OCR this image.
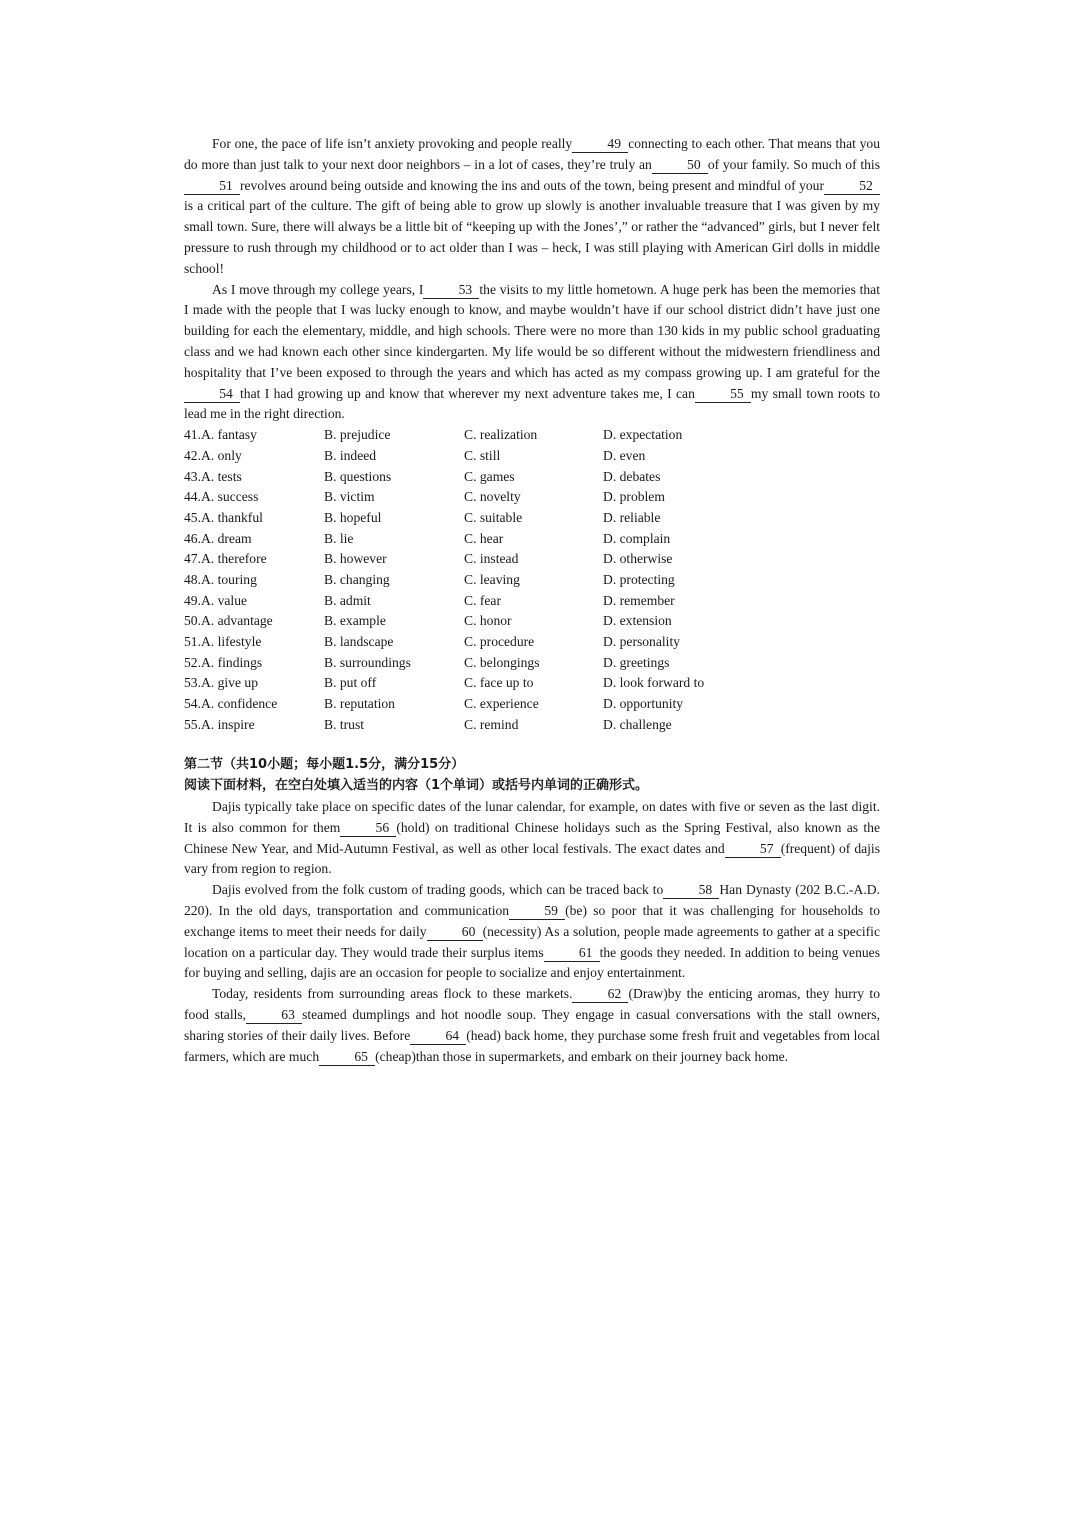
For one, the pace of life isn’t anxiety provoking and people really	49 connecting to each other. That means that you do more than just talk to your next door neighbors – in a lot of cases, they’re truly an	50 of your family. So much of this51 revolves around being outside and knowing the ins and outs of the town, being present and mindful of your	52is a critical part of the culture. The gift of being able to grow up slowly is another invaluable treasure that I was given by my small town. Sure, there will always be a little bit of “keeping up with the Jones’,” or rather the “advanced” girls, but I never felt pressure to rush through my childhood or to act older than I was – heck, I was still playing with American Girl dolls in middle school!

As I move through my college years, I	53 the visits to my little hometown. A huge perk has been the memories that I made with the people that I was lucky enough to know, and maybe wouldn’t have if our school district didn’t have just one building for each the elementary, middle, and high schools. There were no more than 130 kids in my public school graduating class and we had known each other since kindergarten. My life would be so different without the midwestern friendliness and hospitality that I’ve been exposed to through the years and which has acted as my compass growing up. I am grateful for the54 that I had growing up and know that wherever my next adventure takes me, I can	55 my small town roots to lead me in the right direction.

41.A. fantasy	B. prejudice	C. realization	D. expectation
42.A. only	B. indeed	C. still	D. even
43.A. tests	B. questions	C. games	D. debates
44.A. success	B. victim	C. novelty	D. problem
45.A. thankful	B. hopeful	C. suitable	D. reliable
46.A. dream	B. lie	C. hear	D. complain
47.A. therefore	B. however	C. instead	D. otherwise
48.A. touring	B. changing	C. leaving	D. protecting
49.A. value	B. admit	C. fear	D. remember
50.A. advantage	B. example	C. honor	D. extension
51.A. lifestyle	B. landscape	C. procedure	D. personality
52.A. findings	B. surroundings	C. belongings	D. greetings
53.A. give up	B. put off	C. face up to	D. look forward to
54.A. confidence	B. reputation	C. experience	D. opportunity
55.A. inspire	B. trust	C. remind	D. challenge
第二节（共10小题；每小题1.5分，满分15分）
阅读下面材料，在空白处填入适当的内容（1个单词）或括号内单词的正确形式。

Dajis typically take place on specific dates of the lunar calendar, for example, on dates with five or seven as the last digit. It is also common for them	56 (hold) on traditional Chinese holidays such as the Spring Festival, also known as the Chinese New Year, and Mid-Autumn Festival, as well as other local festivals. The exact dates and	57 (frequent) of dajis vary from region to region.

Dajis evolved from the folk custom of trading goods, which can be traced back to	58 Han Dynasty (202 B.C.-A.D. 220). In the old days, transportation and communication	59 (be) so poor that it was challenging for households to exchange items to meet their needs for daily	60 (necessity) As a solution, people made agreements to gather at a specific location on a particular day. They would trade their surplus items	61 the goods they needed. In addition to being venues for buying and selling, dajis are an occasion for people to socialize and enjoy entertainment.

Today, residents from surrounding areas flock to these markets.	62 (Draw)by the enticing aromas, they hurry to food stalls,	63 steamed dumplings and hot noodle soup. They engage in casual conversations with the stall owners, sharing stories of their daily lives. Before	64 (head) back home, they purchase some fresh fruit and vegetables from local farmers, which are much	65 (cheap)than those in supermarkets, and embark on their journey back home.
